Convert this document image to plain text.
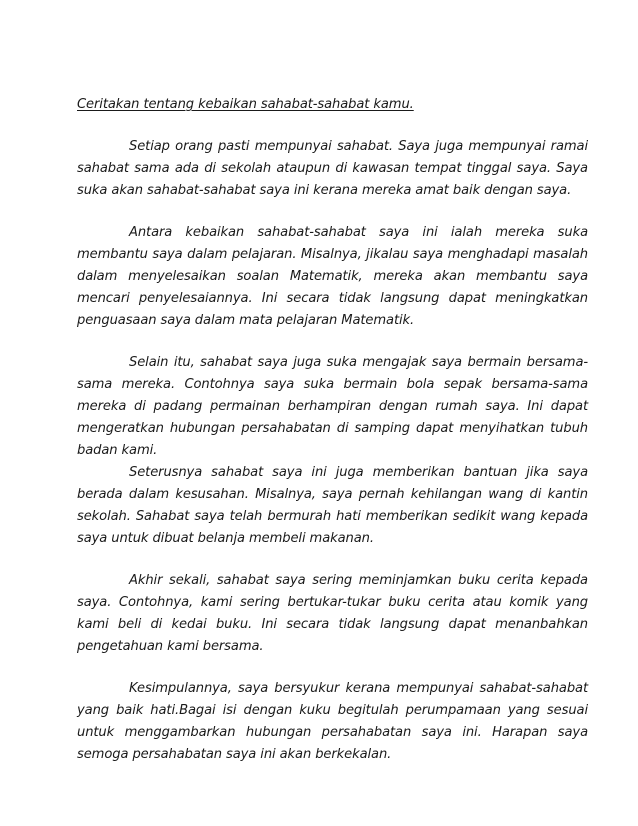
Ceritakan tentang kebaikan sahabat-sahabat kamu.

Setiap orang pasti mempunyai sahabat. Saya juga mempunyai ramai sahabat sama ada di sekolah ataupun di kawasan tempat tinggal saya. Saya suka akan sahabat-sahabat saya ini kerana mereka amat baik dengan saya.

Antara kebaikan sahabat-sahabat saya ini ialah mereka suka membantu saya dalam pelajaran. Misalnya, jikalau saya menghadapi masalah dalam menyelesaikan soalan Matematik, mereka akan membantu saya mencari penyelesaiannya. Ini secara tidak langsung dapat meningkatkan penguasaan saya dalam mata pelajaran Matematik.

Selain itu, sahabat saya juga suka mengajak saya bermain bersama-sama mereka. Contohnya saya suka bermain bola sepak bersama-sama mereka di padang permainan berhampiran dengan rumah saya. Ini dapat mengeratkan hubungan persahabatan di samping dapat menyihatkan tubuh badan kami.

Seterusnya sahabat saya ini juga memberikan bantuan jika saya berada dalam kesusahan. Misalnya, saya pernah kehilangan wang di kantin sekolah. Sahabat saya telah bermurah hati memberikan sedikit wang kepada saya untuk dibuat belanja membeli makanan.

Akhir sekali, sahabat saya sering meminjamkan buku cerita kepada saya. Contohnya, kami sering bertukar-tukar buku cerita atau komik yang kami beli di kedai buku. Ini secara tidak langsung dapat menanbahkan pengetahuan kami bersama.

Kesimpulannya, saya bersyukur kerana mempunyai sahabat-sahabat yang baik hati.Bagai isi dengan kuku begitulah perumpamaan yang sesuai untuk menggambarkan hubungan persahabatan saya ini. Harapan saya semoga persahabatan saya ini akan berkekalan.
